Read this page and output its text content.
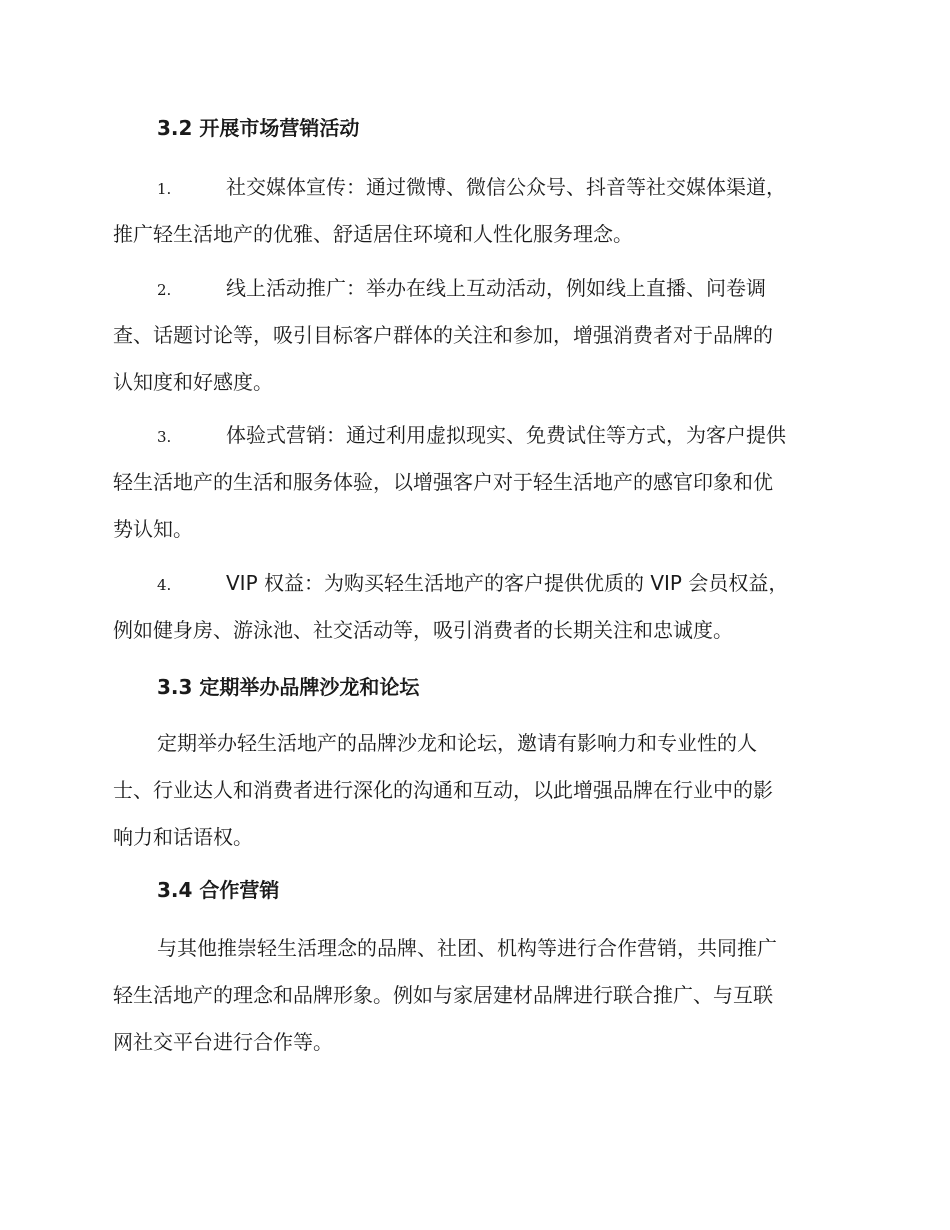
3.2 开展市场营销活动
1.	社交媒体宣传：通过微博、微信公众号、抖音等社交媒体渠道，
推广轻生活地产的优雅、舒适居住环境和人性化服务理念。
2.	线上活动推广：举办在线上互动活动，例如线上直播、问卷调
查、话题讨论等，吸引目标客户群体的关注和参加，增强消费者对于品牌的
认知度和好感度。
3.	体验式营销：通过利用虚拟现实、免费试住等方式，为客户提供
轻生活地产的生活和服务体验，以增强客户对于轻生活地产的感官印象和优
势认知。
4.	VIP 权益：为购买轻生活地产的客户提供优质的 VIP 会员权益，
例如健身房、游泳池、社交活动等，吸引消费者的长期关注和忠诚度。
3.3 定期举办品牌沙龙和论坛
定期举办轻生活地产的品牌沙龙和论坛，邀请有影响力和专业性的人
士、行业达人和消费者进行深化的沟通和互动，以此增强品牌在行业中的影
响力和话语权。
3.4 合作营销
与其他推崇轻生活理念的品牌、社团、机构等进行合作营销，共同推广
轻生活地产的理念和品牌形象。例如与家居建材品牌进行联合推广、与互联
网社交平台进行合作等。
